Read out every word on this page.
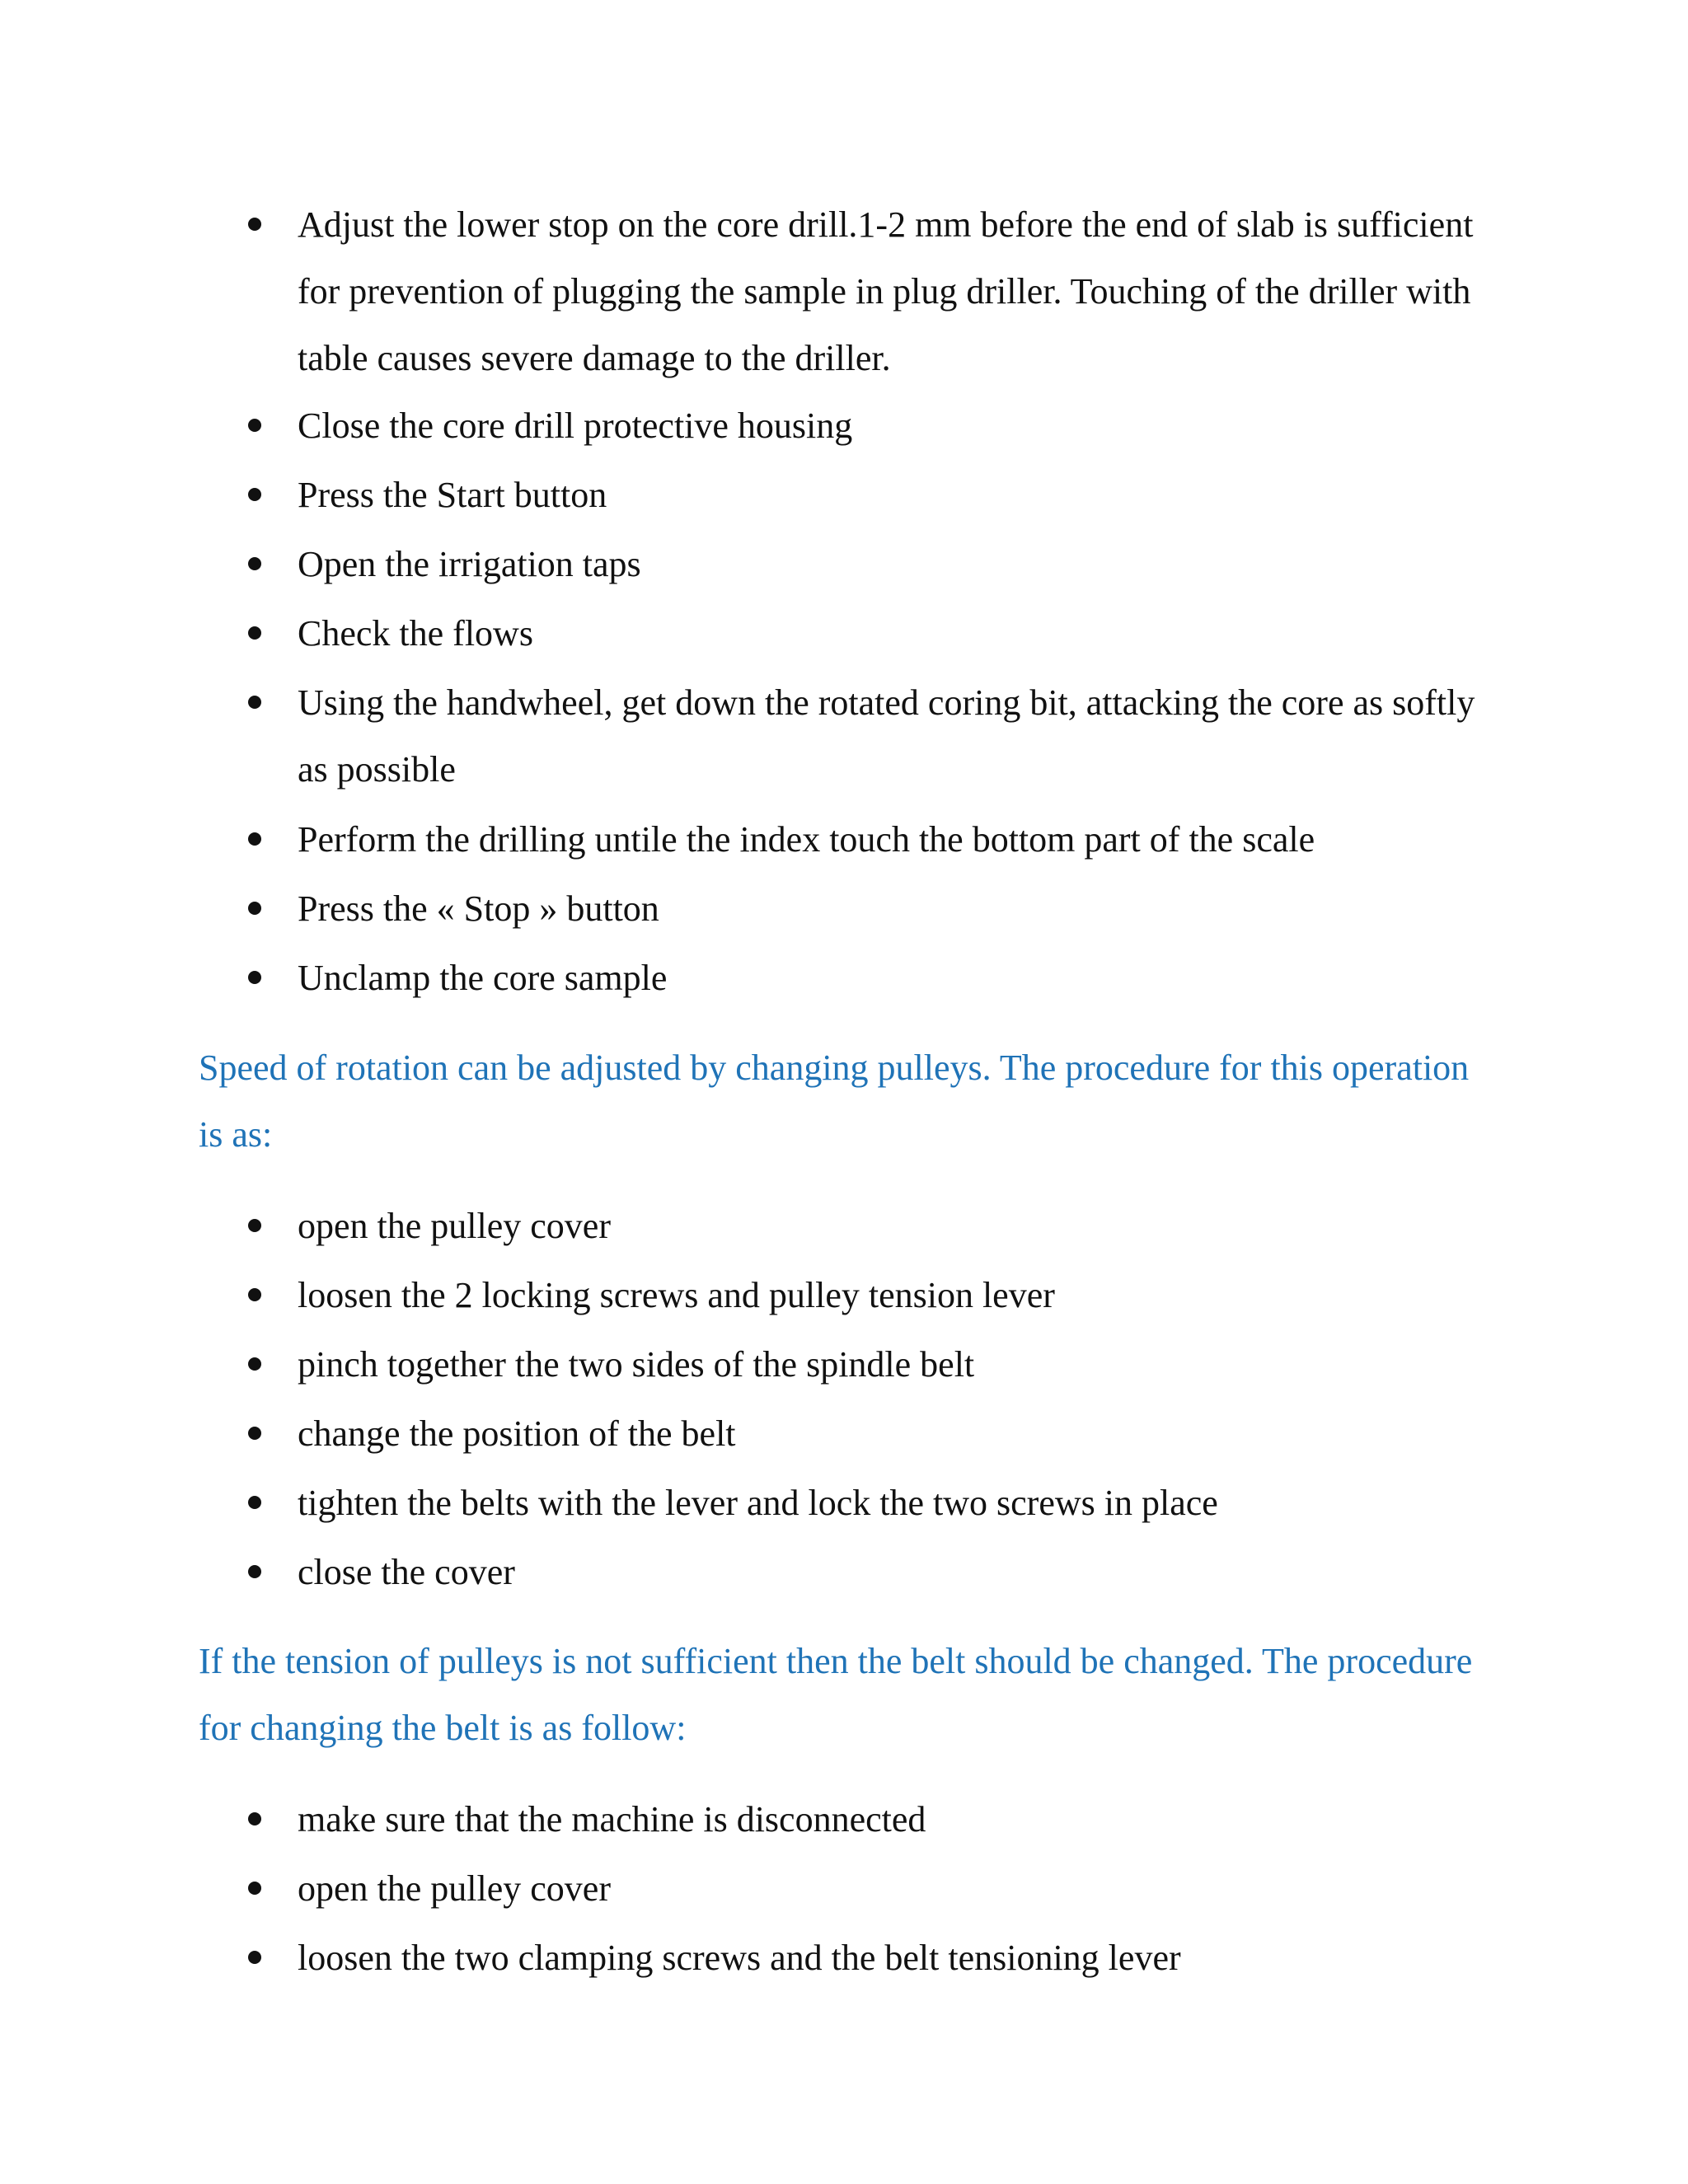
Adjust the lower stop on the core drill.1-2 mm before the end of slab is sufficient for prevention of plugging the sample in plug driller. Touching of the driller with table causes severe damage to the driller.
Close the core drill protective housing
Press the Start button
Open the irrigation taps
Check the flows
Using the handwheel, get down the rotated coring bit, attacking the core as softly as possible
Perform the drilling untile the index touch the bottom part of the scale
Press the « Stop » button
Unclamp the core sample

Speed of rotation can be adjusted by changing pulleys. The procedure for this operation is as:

open the pulley cover
loosen the 2 locking screws and pulley tension lever
pinch together the two sides of the spindle belt
change the position of the belt
tighten the belts with the lever and lock the two screws in place
close the cover

If the tension of pulleys is not sufficient then the belt should be changed. The procedure for changing the belt is as follow:

make sure that the machine is disconnected
open the pulley cover
loosen the two clamping screws and the belt tensioning lever
